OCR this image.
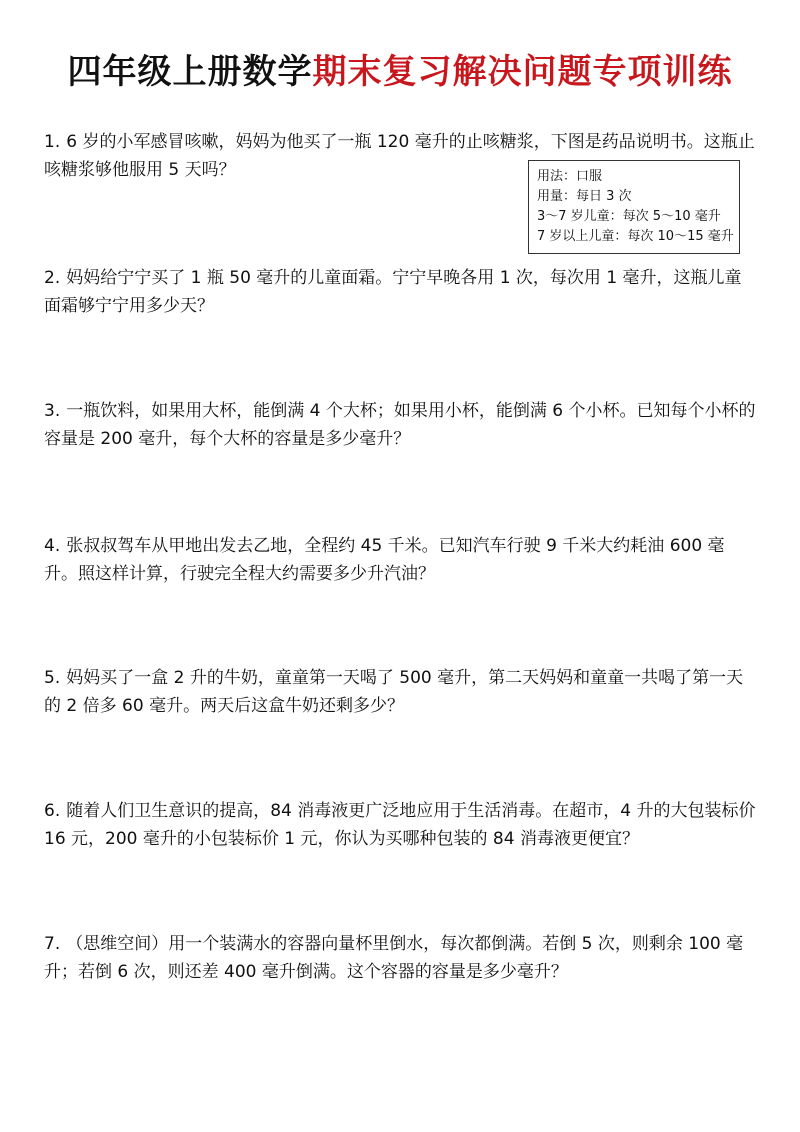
四年级上册数学期末复习解决问题专项训练
1. 6 岁的小军感冒咳嗽，妈妈为他买了一瓶 120 毫升的止咳糖浆，下图是药品说明书。这瓶止咳糖浆够他服用 5 天吗？	用法：口服
用量：每日 3 次
3～7 岁儿童：每次 5～10 毫升
7 岁以上儿童：每次 10～15 毫升
2. 妈妈给宁宁买了 1 瓶 50 毫升的儿童面霜。宁宁早晚各用 1 次，每次用 1 毫升，这瓶儿童面霜够宁宁用多少天？
3. 一瓶饮料，如果用大杯，能倒满 4 个大杯；如果用小杯，能倒满 6 个小杯。已知每个小杯的容量是 200 毫升，每个大杯的容量是多少毫升？
4. 张叔叔驾车从甲地出发去乙地，全程约 45 千米。已知汽车行驶 9 千米大约耗油 600 毫升。照这样计算，行驶完全程大约需要多少升汽油？
5. 妈妈买了一盒 2 升的牛奶，童童第一天喝了 500 毫升，第二天妈妈和童童一共喝了第一天的 2 倍多 60 毫升。两天后这盒牛奶还剩多少？
6. 随着人们卫生意识的提高，84 消毒液更广泛地应用于生活消毒。在超市，4 升的大包装标价 16 元，200 毫升的小包装标价 1 元，你认为买哪种包装的 84 消毒液更便宜？
7. （思维空间）用一个装满水的容器向量杯里倒水，每次都倒满。若倒 5 次，则剩余 100 毫升；若倒 6 次，则还差 400 毫升倒满。这个容器的容量是多少毫升？
